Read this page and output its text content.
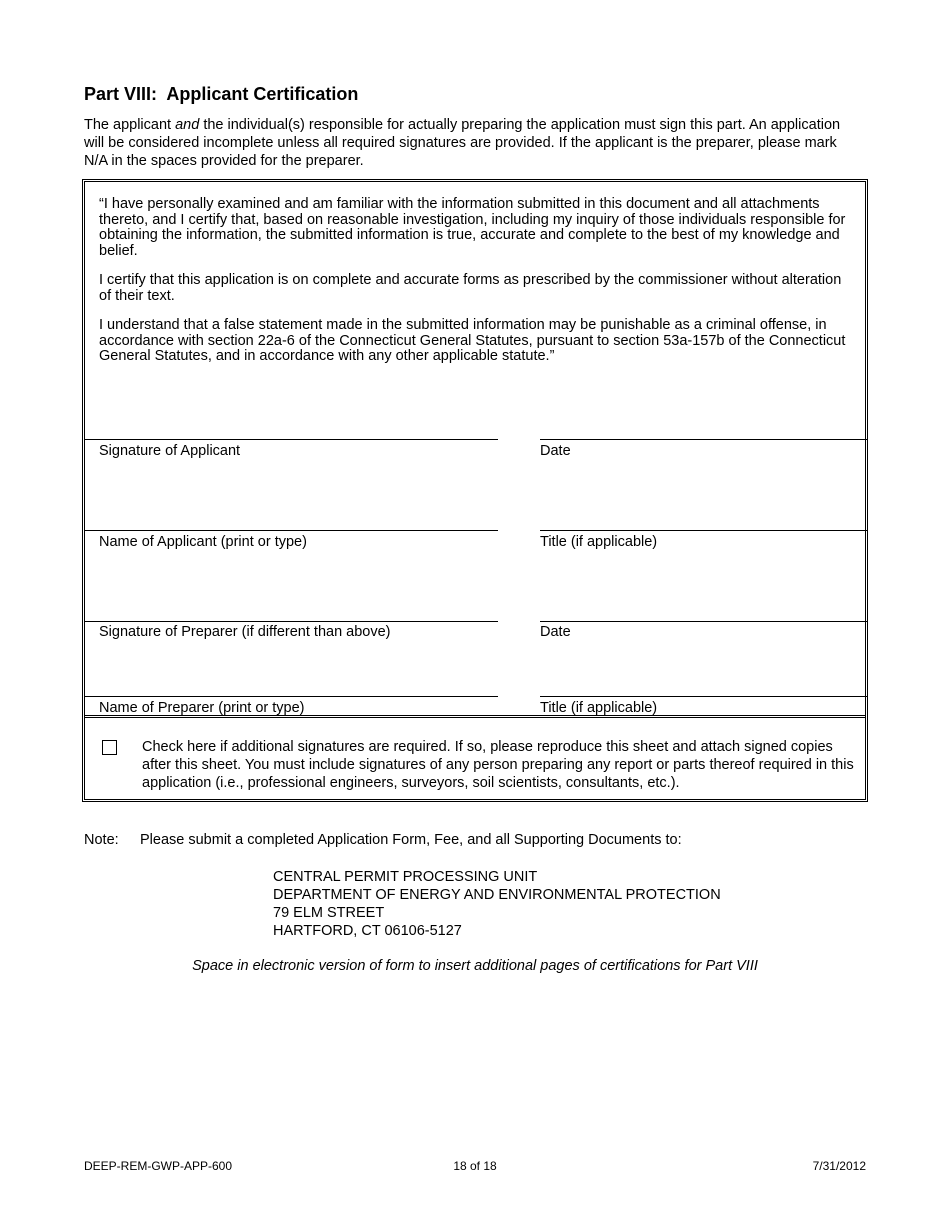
Part VIII:  Applicant Certification
The applicant and the individual(s) responsible for actually preparing the application must sign this part. An application will be considered incomplete unless all required signatures are provided. If the applicant is the preparer, please mark N/A in the spaces provided for the preparer.

“I have personally examined and am familiar with the information submitted in this document and all attachments thereto, and I certify that, based on reasonable investigation, including my inquiry of those individuals responsible for obtaining the information, the submitted information is true, accurate and complete to the best of my knowledge and belief.

I certify that this application is on complete and accurate forms as prescribed by the commissioner without alteration of their text.

I understand that a false statement made in the submitted information may be punishable as a criminal offense, in accordance with section 22a-6 of the Connecticut General Statutes, pursuant to section 53a-157b of the Connecticut General Statutes, and in accordance with any other applicable statute.”

Signature of Applicant	Date
Name of Applicant (print or type)	Title (if applicable)
Signature of Preparer (if different than above)	Date
Name of Preparer (print or type)	Title (if applicable)
Check here if additional signatures are required. If so, please reproduce this sheet and attach signed copies after this sheet. You must include signatures of any person preparing any report or parts thereof required in this application (i.e., professional engineers, surveyors, soil scientists, consultants, etc.).
Note: Please submit a completed Application Form, Fee, and all Supporting Documents to:
CENTRAL PERMIT PROCESSING UNIT
DEPARTMENT OF ENERGY AND ENVIRONMENTAL PROTECTION
79 ELM STREET
HARTFORD, CT 06106-5127
Space in electronic version of form to insert additional pages of certifications for Part VIII
DEEP-REM-GWP-APP-600	18 of 18	7/31/2012
